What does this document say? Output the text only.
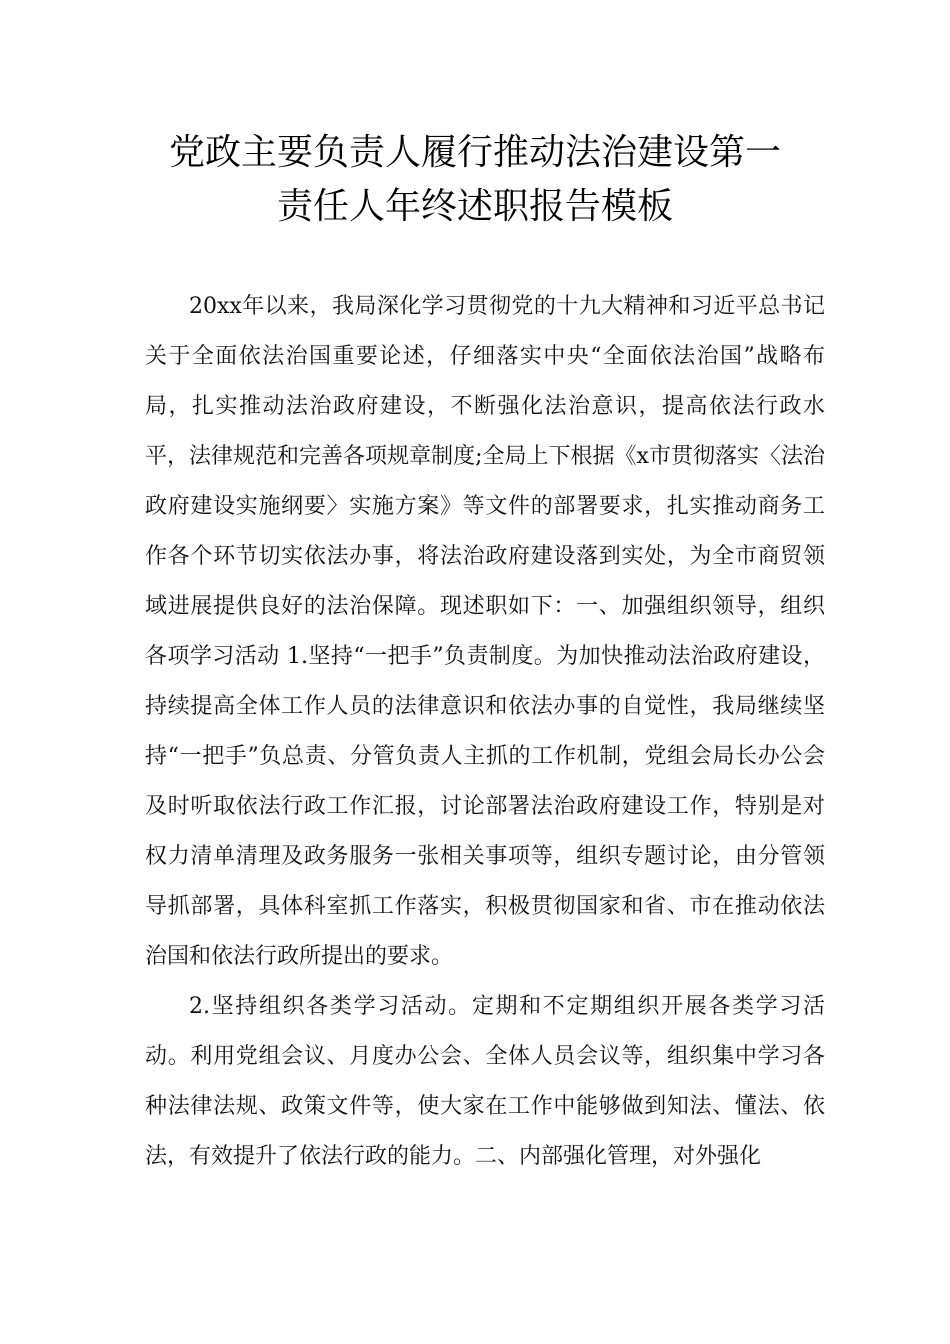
党政主要负责人履行推动法治建设第一
责任人年终述职报告模板

20xx年以来，我局深化学习贯彻党的十九大精神和习近平总书记关于全面依法治国重要论述，仔细落实中央“全面依法治国”战略布局，扎实推动法治政府建设，不断强化法治意识，提高依法行政水平，法律规范和完善各项规章制度;全局上下根据《x市贯彻落实〈法治政府建设实施纲要〉实施方案》等文件的部署要求，扎实推动商务工作各个环节切实依法办事，将法治政府建设落到实处，为全市商贸领域进展提供良好的法治保障。现述职如下：一、加强组织领导，组织各项学习活动 1.坚持“一把手”负责制度。为加快推动法治政府建设，持续提高全体工作人员的法律意识和依法办事的自觉性，我局继续坚持“一把手”负总责、分管负责人主抓的工作机制，党组会局长办公会及时听取依法行政工作汇报，讨论部署法治政府建设工作，特别是对权力清单清理及政务服务一张相关事项等，组织专题讨论，由分管领导抓部署，具体科室抓工作落实，积极贯彻国家和省、市在推动依法治国和依法行政所提出的要求。

2.坚持组织各类学习活动。定期和不定期组织开展各类学习活动。利用党组会议、月度办公会、全体人员会议等，组织集中学习各种法律法规、政策文件等，使大家在工作中能够做到知法、懂法、依法，有效提升了依法行政的能力。二、内部强化管理，对外强化
